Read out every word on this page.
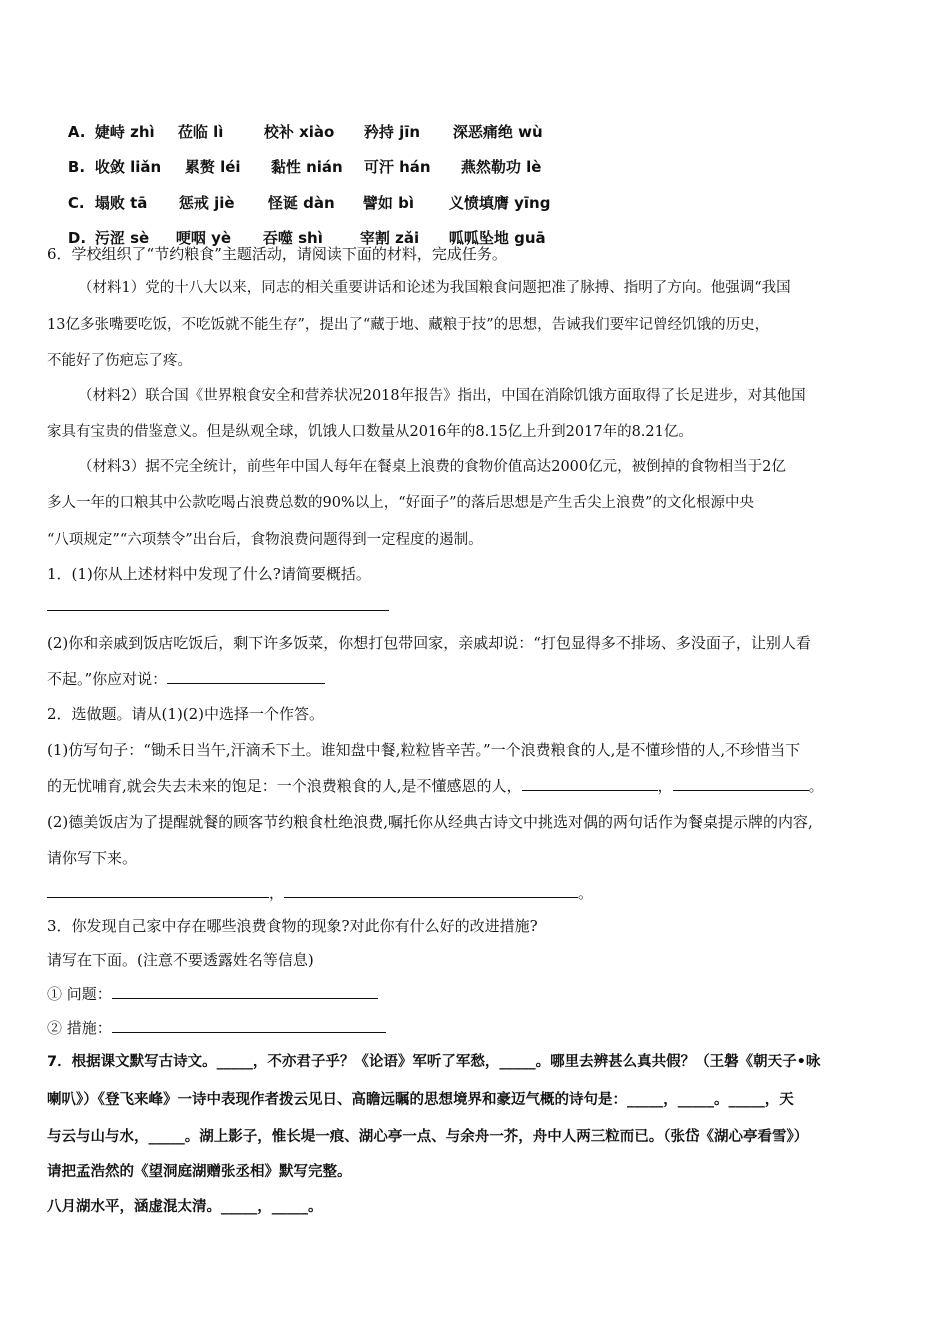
A. 婕峙 zhì 莅临 lì	校补 xiào 矜持 jīn 深恶痛绝 wù

B. 收敛 liǎn 累赘 léi 黏性 nián 可汗 hán 燕然勒功 lè

C. 塌败 tā 惩戒 jiè 怪诞 dàn 譬如 bì 义愤填膺 yīng

D. 污涩 sè 哽咽 yè 吞噬 shì 宰割 zǎi 呱呱坠地 guā

6．学校组织了“节约粮食”主题活动，请阅读下面的材料，完成任务。
（材料1）党的十八大以来，同志的相关重要讲话和论述为我国粮食问题把准了脉搏、指明了方向。他强调“我国
13亿多张嘴要吃饭，不吃饭就不能生存”，提出了“藏于地、藏粮于技”的思想，告诫我们要牢记曾经饥饿的历史，
不能好了伤疤忘了疼。
（材料2）联合国《世界粮食安全和营养状况2018年报告》指出，中国在消除饥饿方面取得了长足进步，对其他国
家具有宝贵的借鉴意义。但是纵观全球，饥饿人口数量从2016年的8.15亿上升到2017年的8.21亿。
（材料3）据不完全统计，前些年中国人每年在餐桌上浪费的食物价值高达2000亿元，被倒掉的食物相当于2亿
多人一年的口粮其中公款吃喝占浪费总数的90%以上，“好面子”的落后思想是产生舌尖上浪费”的文化根源中央
“八项规定”“六项禁令”出台后，食物浪费问题得到一定程度的遏制。
1．(1)你从上述材料中发现了什么?请简要概括。
(2)你和亲戚到饭店吃饭后，剩下许多饭菜，你想打包带回家，亲戚却说：“打包显得多不排场、多没面子，让别人看
不起。”你应对说：
2．选做题。请从(1)(2)中选择一个作答。
(1)仿写句子：“锄禾日当午,汗滴禾下土。谁知盘中餐,粒粒皆辛苦。”一个浪费粮食的人,是不懂珍惜的人,不珍惜当下
的无忧哺育,就会失去未来的饱足：一个浪费粮食的人,是不懂感恩的人，	，	。
(2)德美饭店为了提醒就餐的顾客节约粮食杜绝浪费,嘱托你从经典古诗文中挑选对偶的两句话作为餐桌提示牌的内容,
请你写下来。
，	。
3．你发现自己家中存在哪些浪费食物的现象?对此你有什么好的改进措施?
请写在下面。(注意不要透露姓名等信息)
① 问题：
② 措施：
7．根据课文默写古诗文。_____，不亦君子乎？《论语》军听了军愁，_____。哪里去辨甚么真共假？（王磐《朝天子•咏
喇叭》）《登飞来峰》一诗中表现作者拨云见日、高瞻远瞩的思想境界和豪迈气概的诗句是：_____，_____。_____，天
与云与山与水，_____。湖上影子，惟长堤一痕、湖心亭一点、与余舟一芥，舟中人两三粒而已。（张岱《湖心亭看雪》）
请把孟浩然的《望洞庭湖赠张丞相》默写完整。
八月湖水平，涵虚混太清。_____，_____。
